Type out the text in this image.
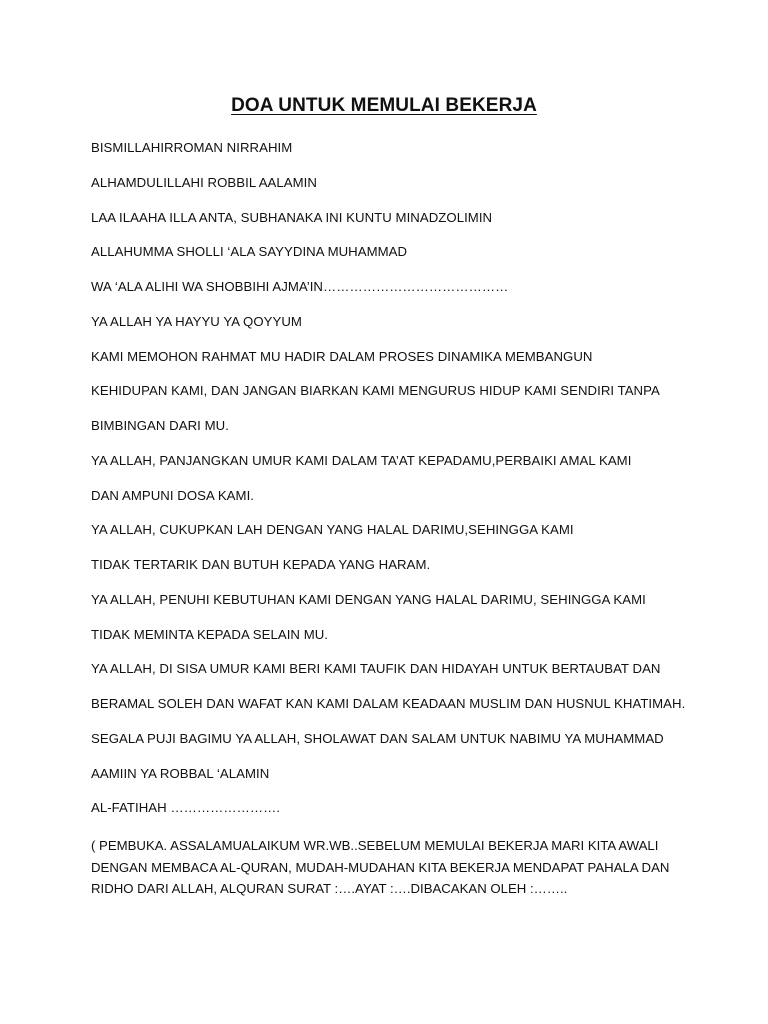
DOA UNTUK MEMULAI BEKERJA
BISMILLAHIRROMAN NIRRAHIM
ALHAMDULILLAHI ROBBIL AALAMIN
LAA ILAAHA ILLA ANTA, SUBHANAKA INI KUNTU MINADZOLIMIN
ALLAHUMMA SHOLLI ‘ALA SAYYDINA MUHAMMAD
WA ‘ALA ALIHI WA SHOBBIHI AJMA’IN……………………………………
YA ALLAH YA HAYYU YA QOYYUM
KAMI MEMOHON RAHMAT MU HADIR DALAM PROSES DINAMIKA MEMBANGUN
KEHIDUPAN KAMI, DAN JANGAN BIARKAN KAMI MENGURUS HIDUP KAMI SENDIRI TANPA
BIMBINGAN DARI MU.
YA ALLAH, PANJANGKAN UMUR KAMI DALAM TA’AT KEPADAMU,PERBAIKI AMAL KAMI
DAN AMPUNI DOSA KAMI.
YA ALLAH, CUKUPKAN LAH DENGAN YANG HALAL DARIMU,SEHINGGA KAMI
TIDAK TERTARIK DAN BUTUH KEPADA YANG HARAM.
YA ALLAH, PENUHI KEBUTUHAN KAMI DENGAN YANG HALAL DARIMU, SEHINGGA KAMI
TIDAK MEMINTA KEPADA SELAIN MU.
YA ALLAH, DI SISA UMUR KAMI BERI KAMI TAUFIK DAN HIDAYAH UNTUK BERTAUBAT DAN
BERAMAL SOLEH DAN WAFAT KAN KAMI DALAM KEADAAN MUSLIM DAN HUSNUL KHATIMAH.
SEGALA PUJI BAGIMU YA ALLAH, SHOLAWAT DAN SALAM UNTUK NABIMU YA MUHAMMAD
AAMIIN YA ROBBAL ‘ALAMIN
AL-FATIHAH …………………….
( PEMBUKA. ASSALAMUALAIKUM WR.WB..SEBELUM MEMULAI BEKERJA MARI KITA AWALI
DENGAN MEMBACA AL-QURAN, MUDAH-MUDAHAN KITA BEKERJA MENDAPAT PAHALA DAN
RIDHO DARI ALLAH, ALQURAN SURAT :….AYAT :….DIBACAKAN OLEH :……..
